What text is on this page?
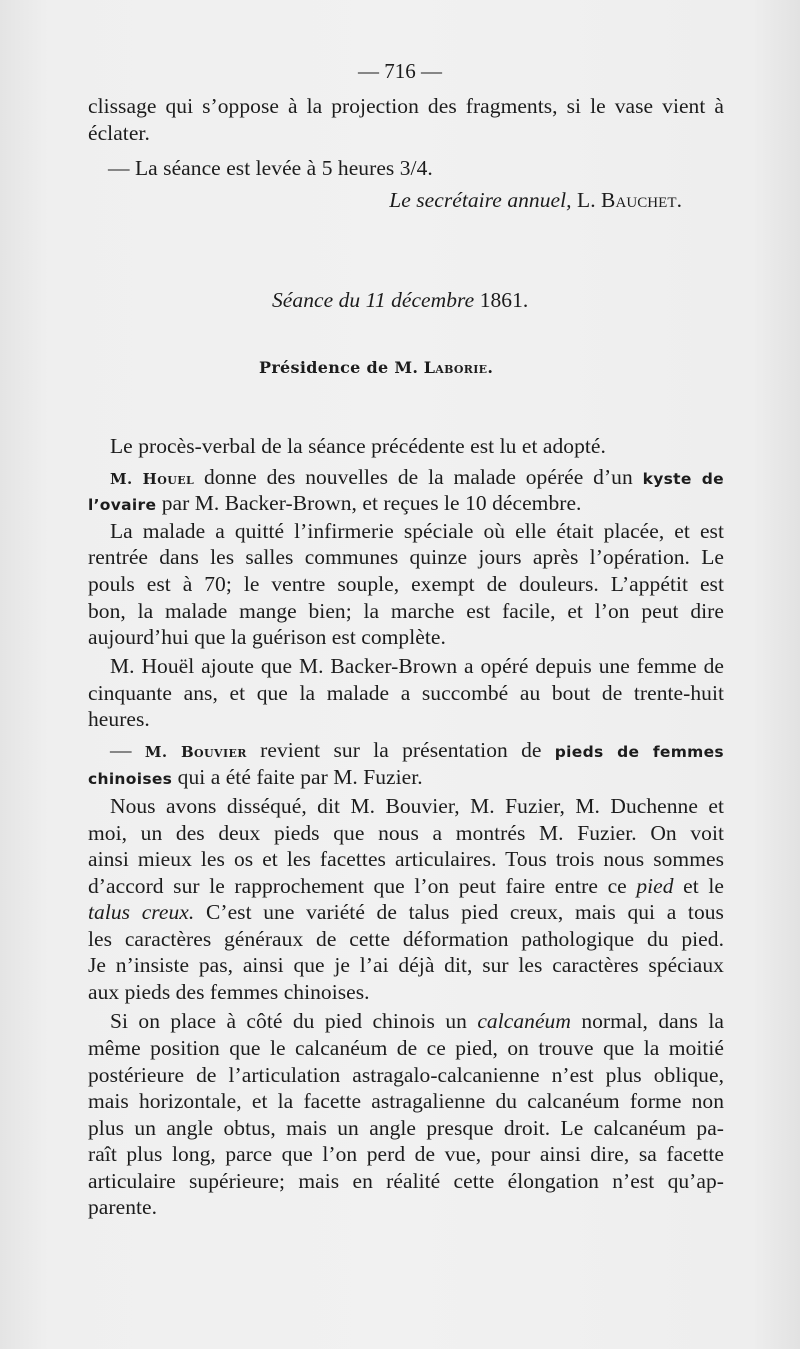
— 716 —
clissage qui s’oppose à la projection des fragments, si le vase vient à
éclater.
— La séance est levée à 5 heures 3/4.
Le secrétaire annuel, L. Bauchet.
Séance du 11 décembre 1861.
Présidence de M. Laborie.
Le procès-verbal de la séance précédente est lu et adopté.
M. Houel donne des nouvelles de la malade opérée d’un kyste de
l’ovaire par M. Backer-Brown, et reçues le 10 décembre.
La malade a quitté l’infirmerie spéciale où elle était placée, et est
rentrée dans les salles communes quinze jours après l’opération. Le
pouls est à 70; le ventre souple, exempt de douleurs. L’appétit est
bon, la malade mange bien; la marche est facile, et l’on peut dire
aujourd’hui que la guérison est complète.
M. Houël ajoute que M. Backer-Brown a opéré depuis une femme de
cinquante ans, et que la malade a succombé au bout de trente-huit
heures.
— M. Bouvier revient sur la présentation de pieds de femmes
chinoises qui a été faite par M. Fuzier.
Nous avons disséqué, dit M. Bouvier, M. Fuzier, M. Duchenne et
moi, un des deux pieds que nous a montrés M. Fuzier. On voit
ainsi mieux les os et les facettes articulaires. Tous trois nous sommes
d’accord sur le rapprochement que l’on peut faire entre ce pied et le
talus creux. C’est une variété de talus pied creux, mais qui a tous
les caractères généraux de cette déformation pathologique du pied.
Je n’insiste pas, ainsi que je l’ai déjà dit, sur les caractères spéciaux
aux pieds des femmes chinoises.
Si on place à côté du pied chinois un calcanéum normal, dans la
même position que le calcanéum de ce pied, on trouve que la moitié
postérieure de l’articulation astragalo-calcanienne n’est plus oblique,
mais horizontale, et la facette astragalienne du calcanéum forme non
plus un angle obtus, mais un angle presque droit. Le calcanéum pa-
raît plus long, parce que l’on perd de vue, pour ainsi dire, sa facette
articulaire supérieure; mais en réalité cette élongation n’est qu’ap-
parente.
